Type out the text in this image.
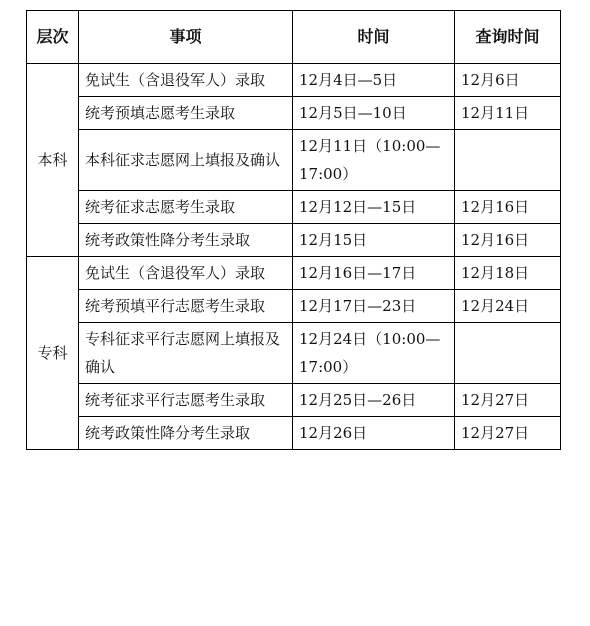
层次	事项	时间	查询时间
本科	免试生（含退役军人）录取	12月4日—5日	12月6日
	统考预填志愿考生录取	12月5日—10日	12月11日
	本科征求志愿网上填报及确认	12月11日（10:00—17:00）	
	统考征求志愿考生录取	12月12日—15日	12月16日
	统考政策性降分考生录取	12月15日	12月16日
专科	免试生（含退役军人）录取	12月16日—17日	12月18日
	统考预填平行志愿考生录取	12月17日—23日	12月24日
	专科征求平行志愿网上填报及确认	12月24日（10:00—17:00）	
	统考征求平行志愿考生录取	12月25日—26日	12月27日
	统考政策性降分考生录取	12月26日	12月27日
